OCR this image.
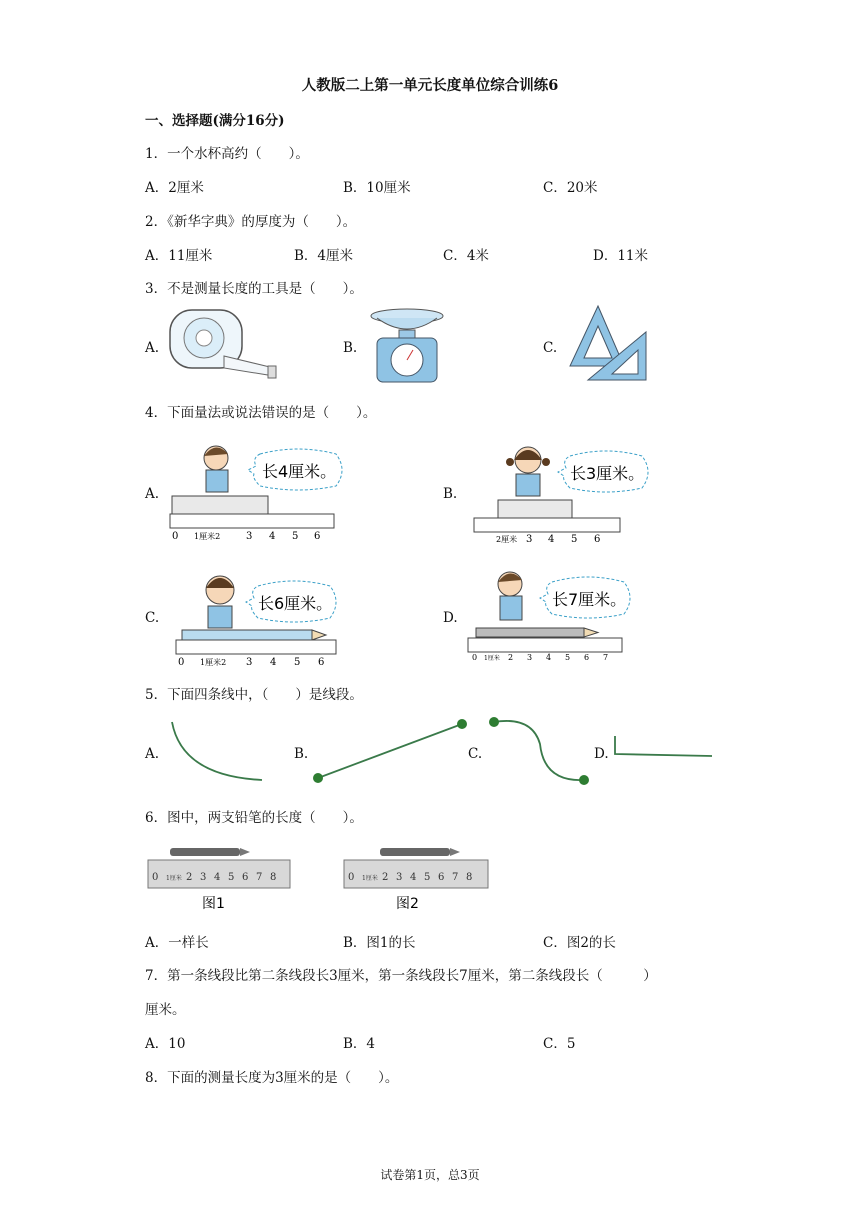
人教版二上第一单元长度单位综合训练6
一、选择题(满分16分)
1．一个水杯高约（　　）。
A．2厘米	B．10厘米	C．20米
2．《新华字典》的厚度为（　　）。
A．11厘米	B．4厘米	C．4米	D．11米
3．不是测量长度的工具是（　　）。
A.	B.	C.
4．下面量法或说法错误的是（　　）。
A.	B.
C.	D.
0 1厘米2	3 4 5 6
长4厘米。
2厘米 3 4 5 6
长3厘米。
0 1厘米2 3 4 5 6
长6厘米。
0 1厘米 2 3 4 5 6 7
长7厘米。
5．下面四条线中，（　　）是线段。
A.	B.	C.	D.
6．图中，两支铅笔的长度（　　）。
0 1厘米 2 3 4 5 6 7 8
图1
0 1厘米 2 3 4 5 6 7 8
图2
A．一样长	B．图1的长	C．图2的长
7．第一条线段比第二条线段长3厘米，第一条线段长7厘米，第二条线段长（　　　）
厘米。
A．10	B．4	C．5
8．下面的测量长度为3厘米的是（　　）。
试卷第1页，总3页
